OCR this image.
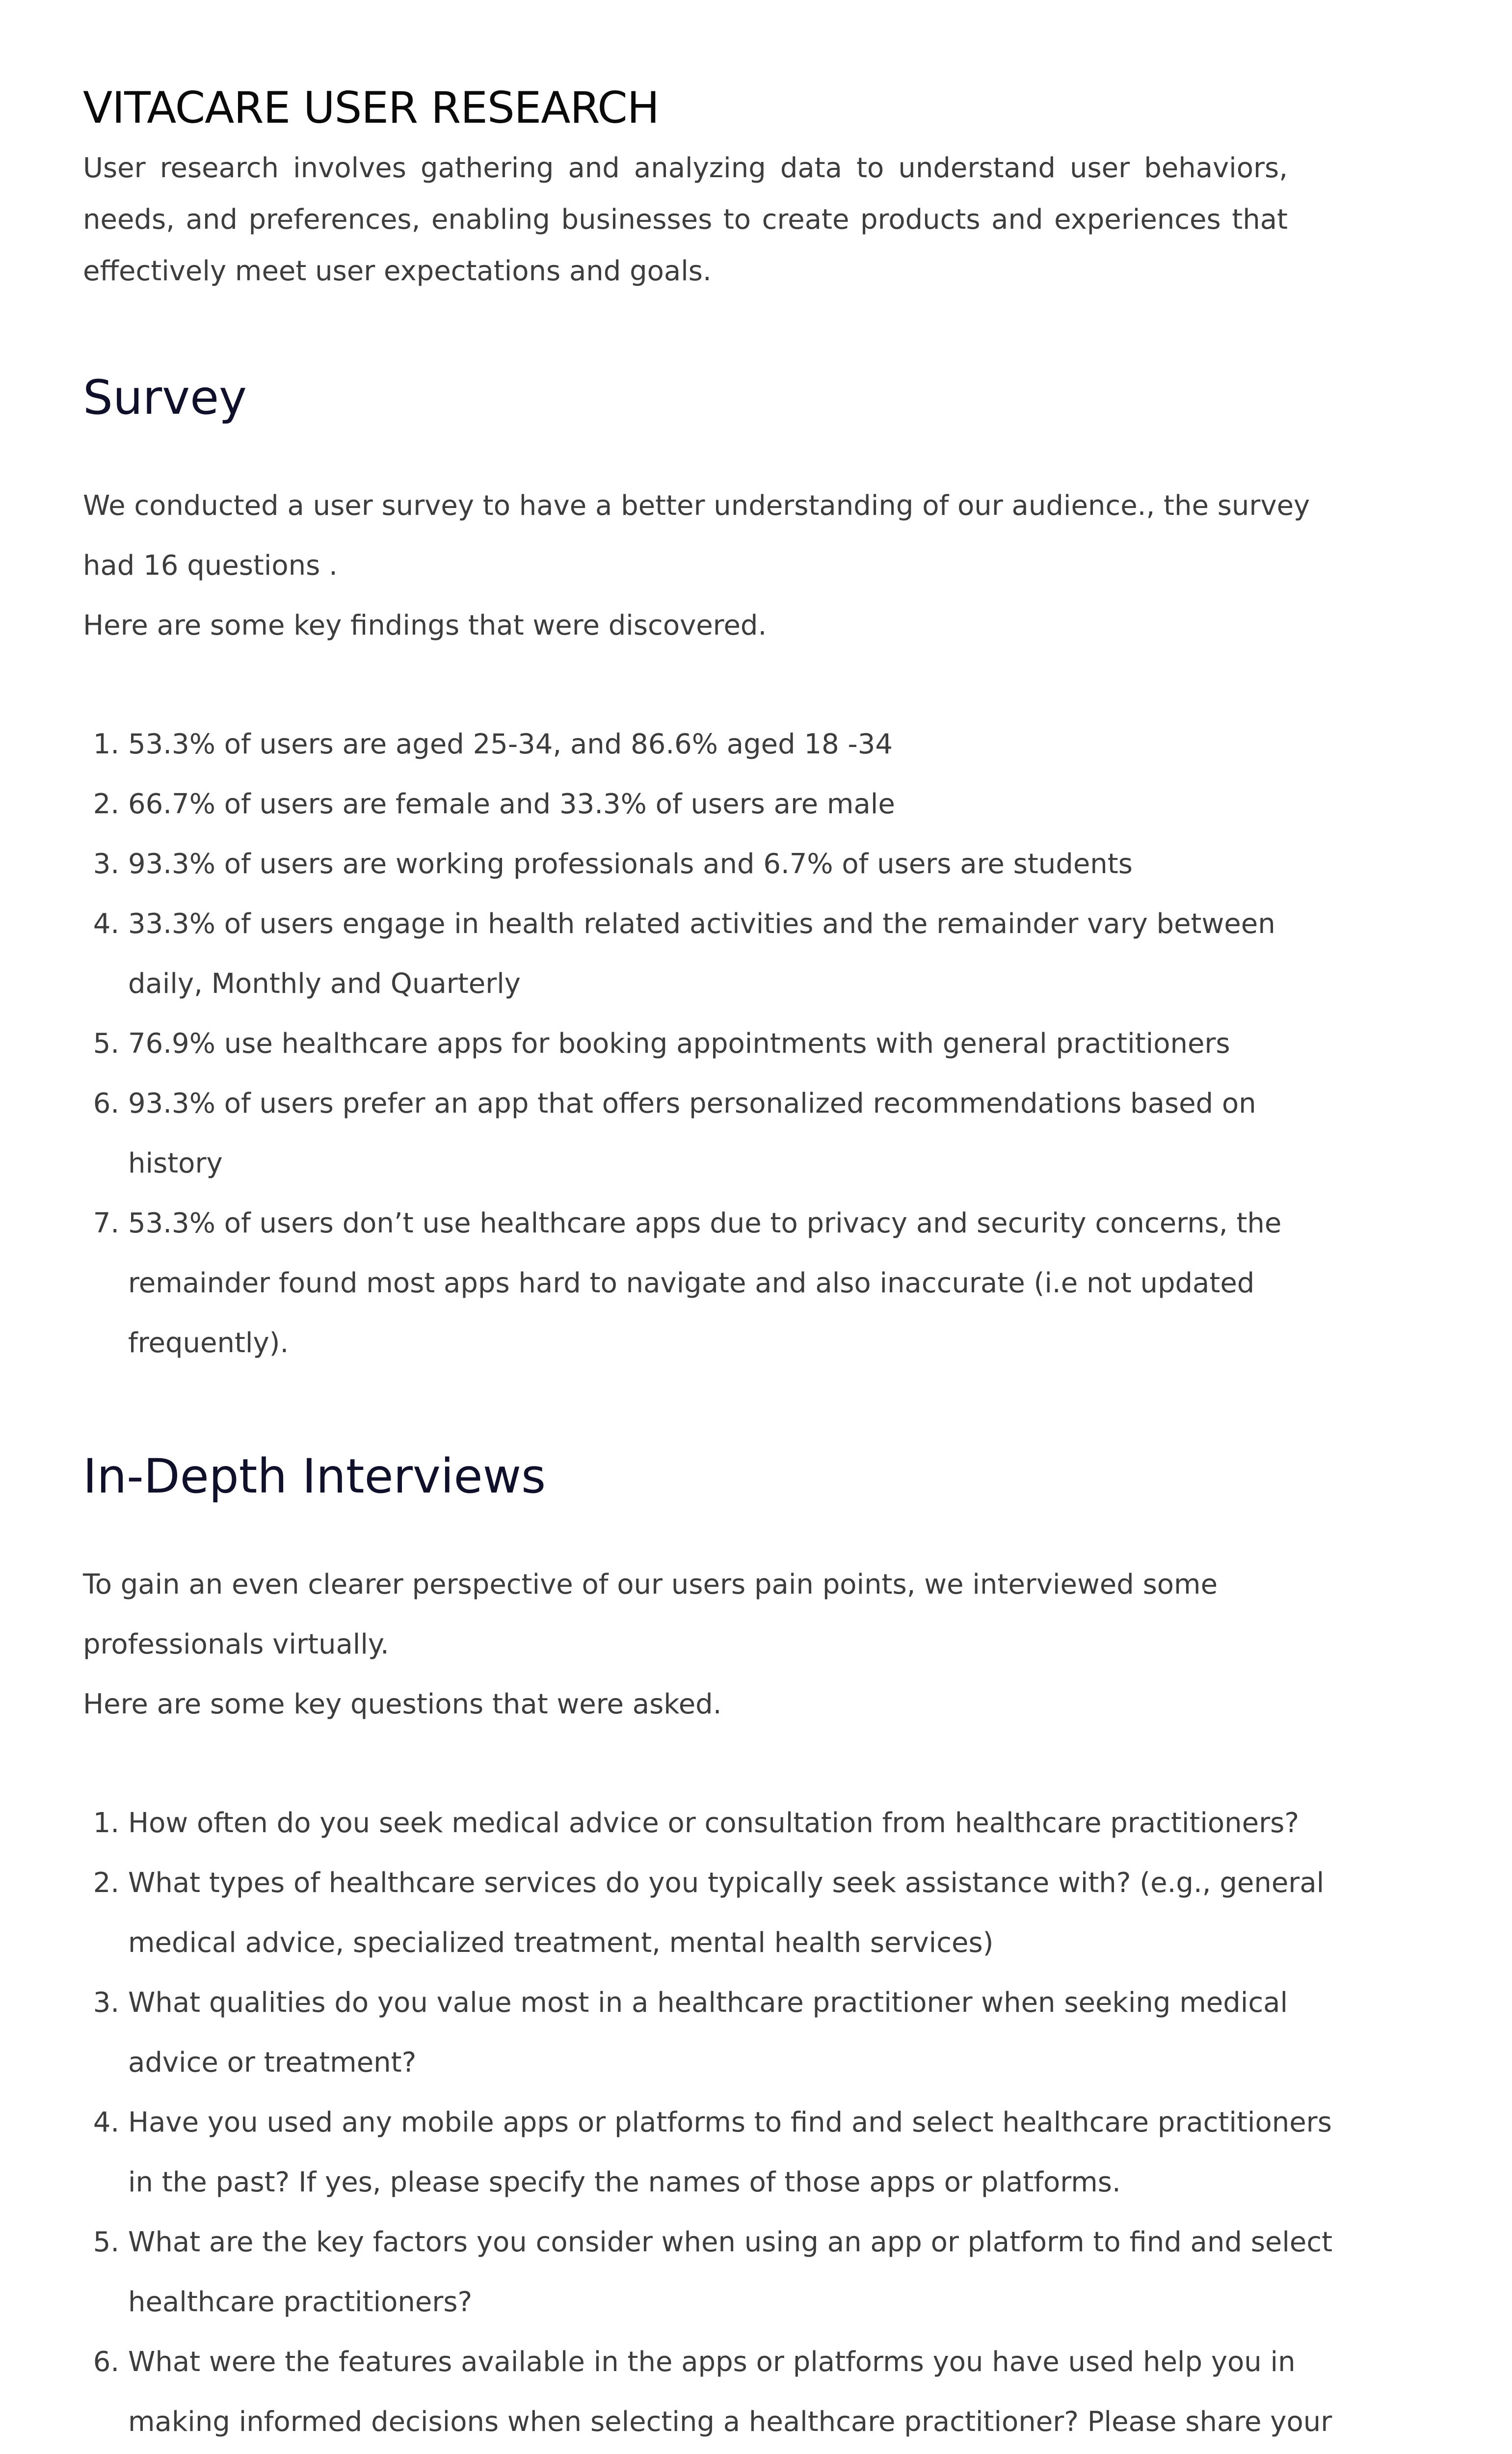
VITACARE USER RESEARCH

User research involves gathering and analyzing data to understand user behaviors, needs, and preferences, enabling businesses to create products and experiences that effectively meet user expectations and goals.

Survey

We conducted a user survey to have a better understanding of our audience., the survey had 16 questions .

Here are some key findings that were discovered.

1. 53.3% of users are aged 25-34, and 86.6% aged 18 -34
2. 66.7% of users are female and 33.3% of users are male
3. 93.3% of users are working professionals and 6.7% of users are students
4. 33.3% of users engage in health related activities and the remainder vary between daily, Monthly and Quarterly
5. 76.9% use healthcare apps for booking appointments with general practitioners
6. 93.3% of users prefer an app that offers personalized recommendations based on history
7. 53.3% of users don’t use healthcare apps due to privacy and security concerns, the remainder found most apps hard to navigate and also inaccurate (i.e not updated frequently).
In-Depth Interviews

To gain an even clearer perspective of our users pain points, we interviewed some professionals virtually.

Here are some key questions that were asked.

1. How often do you seek medical advice or consultation from healthcare practitioners?
2. What types of healthcare services do you typically seek assistance with? (e.g., general medical advice, specialized treatment, mental health services)
3. What qualities do you value most in a healthcare practitioner when seeking medical advice or treatment?
4. Have you used any mobile apps or platforms to find and select healthcare practitioners in the past? If yes, please specify the names of those apps or platforms.
5. What are the key factors you consider when using an app or platform to find and select healthcare practitioners?
6. What were the features available in the apps or platforms you have used help you in making informed decisions when selecting a healthcare practitioner? Please share your
